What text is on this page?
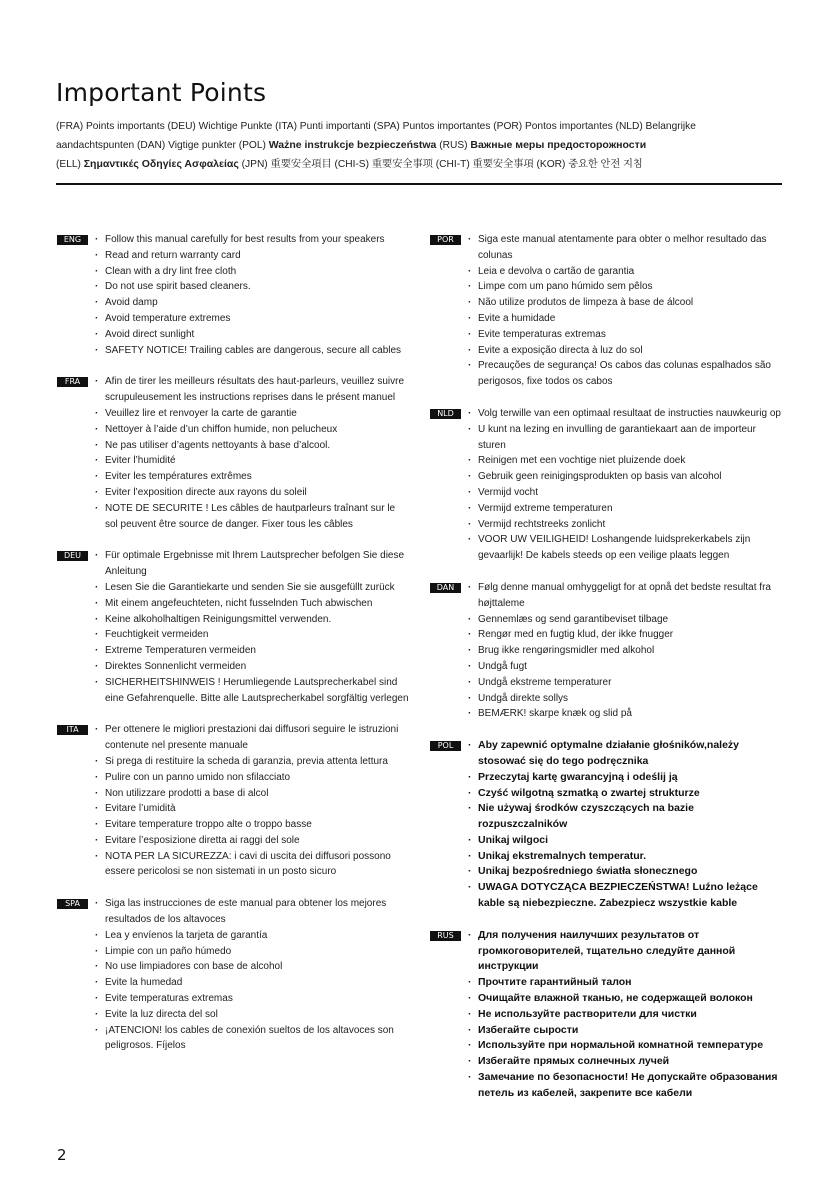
Important Points
(FRA) Points importants (DEU) Wichtige Punkte (ITA) Punti importanti (SPA) Puntos importantes (POR) Pontos importantes (NLD) Belangrijke
aandachtspunten (DAN) Vigtige punkter (POL) Ważne instrukcje bezpieczeństwa (RUS) Важные меры предосторожности
(ELL) Σημαντικές Οδηγίες Ασφαλείας (JPN) 重要安全項目 (CHI-S) 重要安全事项 (CHI-T) 重要安全事項 (KOR) 중요한 안전 지침
ENG	· Follow this manual carefully for best results from your speakers
· Read and return warranty card
· Clean with a dry lint free cloth
· Do not use spirit based cleaners.
· Avoid damp
· Avoid temperature extremes
· Avoid direct sunlight
· SAFETY NOTICE! Trailing cables are dangerous, secure all cables
FRA	· Afin de tirer les meilleurs résultats des haut-parleurs, veuillez suivre scrupuleusement les instructions reprises dans le présent manuel
· Veuillez lire et renvoyer la carte de garantie
· Nettoyer à l’aide d’un chiffon humide, non pelucheux
· Ne pas utiliser d’agents nettoyants à base d’alcool.
· Eviter l’humidité
· Eviter les températures extrêmes
· Eviter l’exposition directe aux rayons du soleil
· NOTE DE SECURITE ! Les câbles de hautparleurs traînant sur le sol peuvent être source de danger. Fixer tous les câbles
DEU	· Für optimale Ergebnisse mit Ihrem Lautsprecher befolgen Sie diese Anleitung
· Lesen Sie die Garantiekarte und senden Sie sie ausgefüllt zurück
· Mit einem angefeuchteten, nicht fusselnden Tuch abwischen
· Keine alkoholhaltigen Reinigungsmittel verwenden.
· Feuchtigkeit vermeiden
· Extreme Temperaturen vermeiden
· Direktes Sonnenlicht vermeiden
· SICHERHEITSHINWEIS ! Herumliegende Lautsprecherkabel sind eine Gefahrenquelle. Bitte alle Lautsprecherkabel sorgfältig verlegen
ITA	· Per ottenere le migliori prestazioni dai diffusori seguire le istruzioni contenute nel presente manuale
· Si prega di restituire la scheda di garanzia, previa attenta lettura
· Pulire con un panno umido non sfilacciato
· Non utilizzare prodotti a base di alcol
· Evitare l’umidità
· Evitare temperature troppo alte o troppo basse
· Evitare l’esposizione diretta ai raggi del sole
· NOTA PER LA SICUREZZA: i cavi di uscita dei diffusori possono essere pericolosi se non sistemati in un posto sicuro
SPA	· Siga las instrucciones de este manual para obtener los mejores resultados de los altavoces
· Lea y envíenos la tarjeta de garantía
· Limpie con un paño húmedo
· No use limpiadores con base de alcohol
· Evite la humedad
· Evite temperaturas extremas
· Evite la luz directa del sol
· ¡ATENCION! los cables de conexión sueltos de los altavoces son peligrosos. Fíjelos
POR	· Siga este manual atentamente para obter o melhor resultado das colunas
· Leia e devolva o cartão de garantia
· Limpe com um pano húmido sem pêlos
· Não utilize produtos de limpeza à base de álcool
· Evite a humidade
· Evite temperaturas extremas
· Evite a exposição directa à luz do sol
· Precauções de segurança! Os cabos das colunas espalhados são perigosos, fixe todos os cabos
NLD	· Volg terwille van een optimaal resultaat de instructies nauwkeurig op
· U kunt na lezing en invulling de garantiekaart aan de importeur sturen
· Reinigen met een vochtige niet pluizende doek
· Gebruik geen reinigingsprodukten op basis van alcohol
· Vermijd vocht
· Vermijd extreme temperaturen
· Vermijd rechtstreeks zonlicht
· VOOR UW VEILIGHEID! Loshangende luidsprekerkabels zijn gevaarlijk! De kabels steeds op een veilige plaats leggen
DAN	· Følg denne manual omhyggeligt for at opnå det bedste resultat fra højttaleme
· Gennemlæs og send garantibeviset tilbage
· Rengør med en fugtig klud, der ikke fnugger
· Brug ikke rengøringsmidler med alkohol
· Undgå fugt
· Undgå ekstreme temperaturer
· Undgå direkte sollys
· BEMÆRK! skarpe knæk og slid på
POL	· Aby zapewnić optymalne działanie głośników,należy stosować się do tego podręcznika
· Przeczytaj kartę gwarancyjną i odeślij ją
· Czyść wilgotną szmatką o zwartej strukturze
· Nie używaj środków czyszczących na bazie rozpuszczalników
· Unikaj wilgoci
· Unikaj ekstremalnych temperatur.
· Unikaj bezpośredniego światła słonecznego
· UWAGA DOTYCZĄCA BEZPIECZEŃSTWA! Luźno leżące kable są niebezpieczne. Zabezpiecz wszystkie kable
RUS	· Для получения наилучших результатов от громкоговорителей, тщательно следуйте данной инструкции
· Прочтите гарантийный талон
· Очищайте влажной тканью, не содержащей волокон
· Не используйте растворители для чистки
· Избегайте сырости
· Используйте при нормальной комнатной температуре
· Избегайте прямых солнечных лучей
· Замечание по безопасности! Не допускайте образования петель из кабелей, закрепите все кабели
2
